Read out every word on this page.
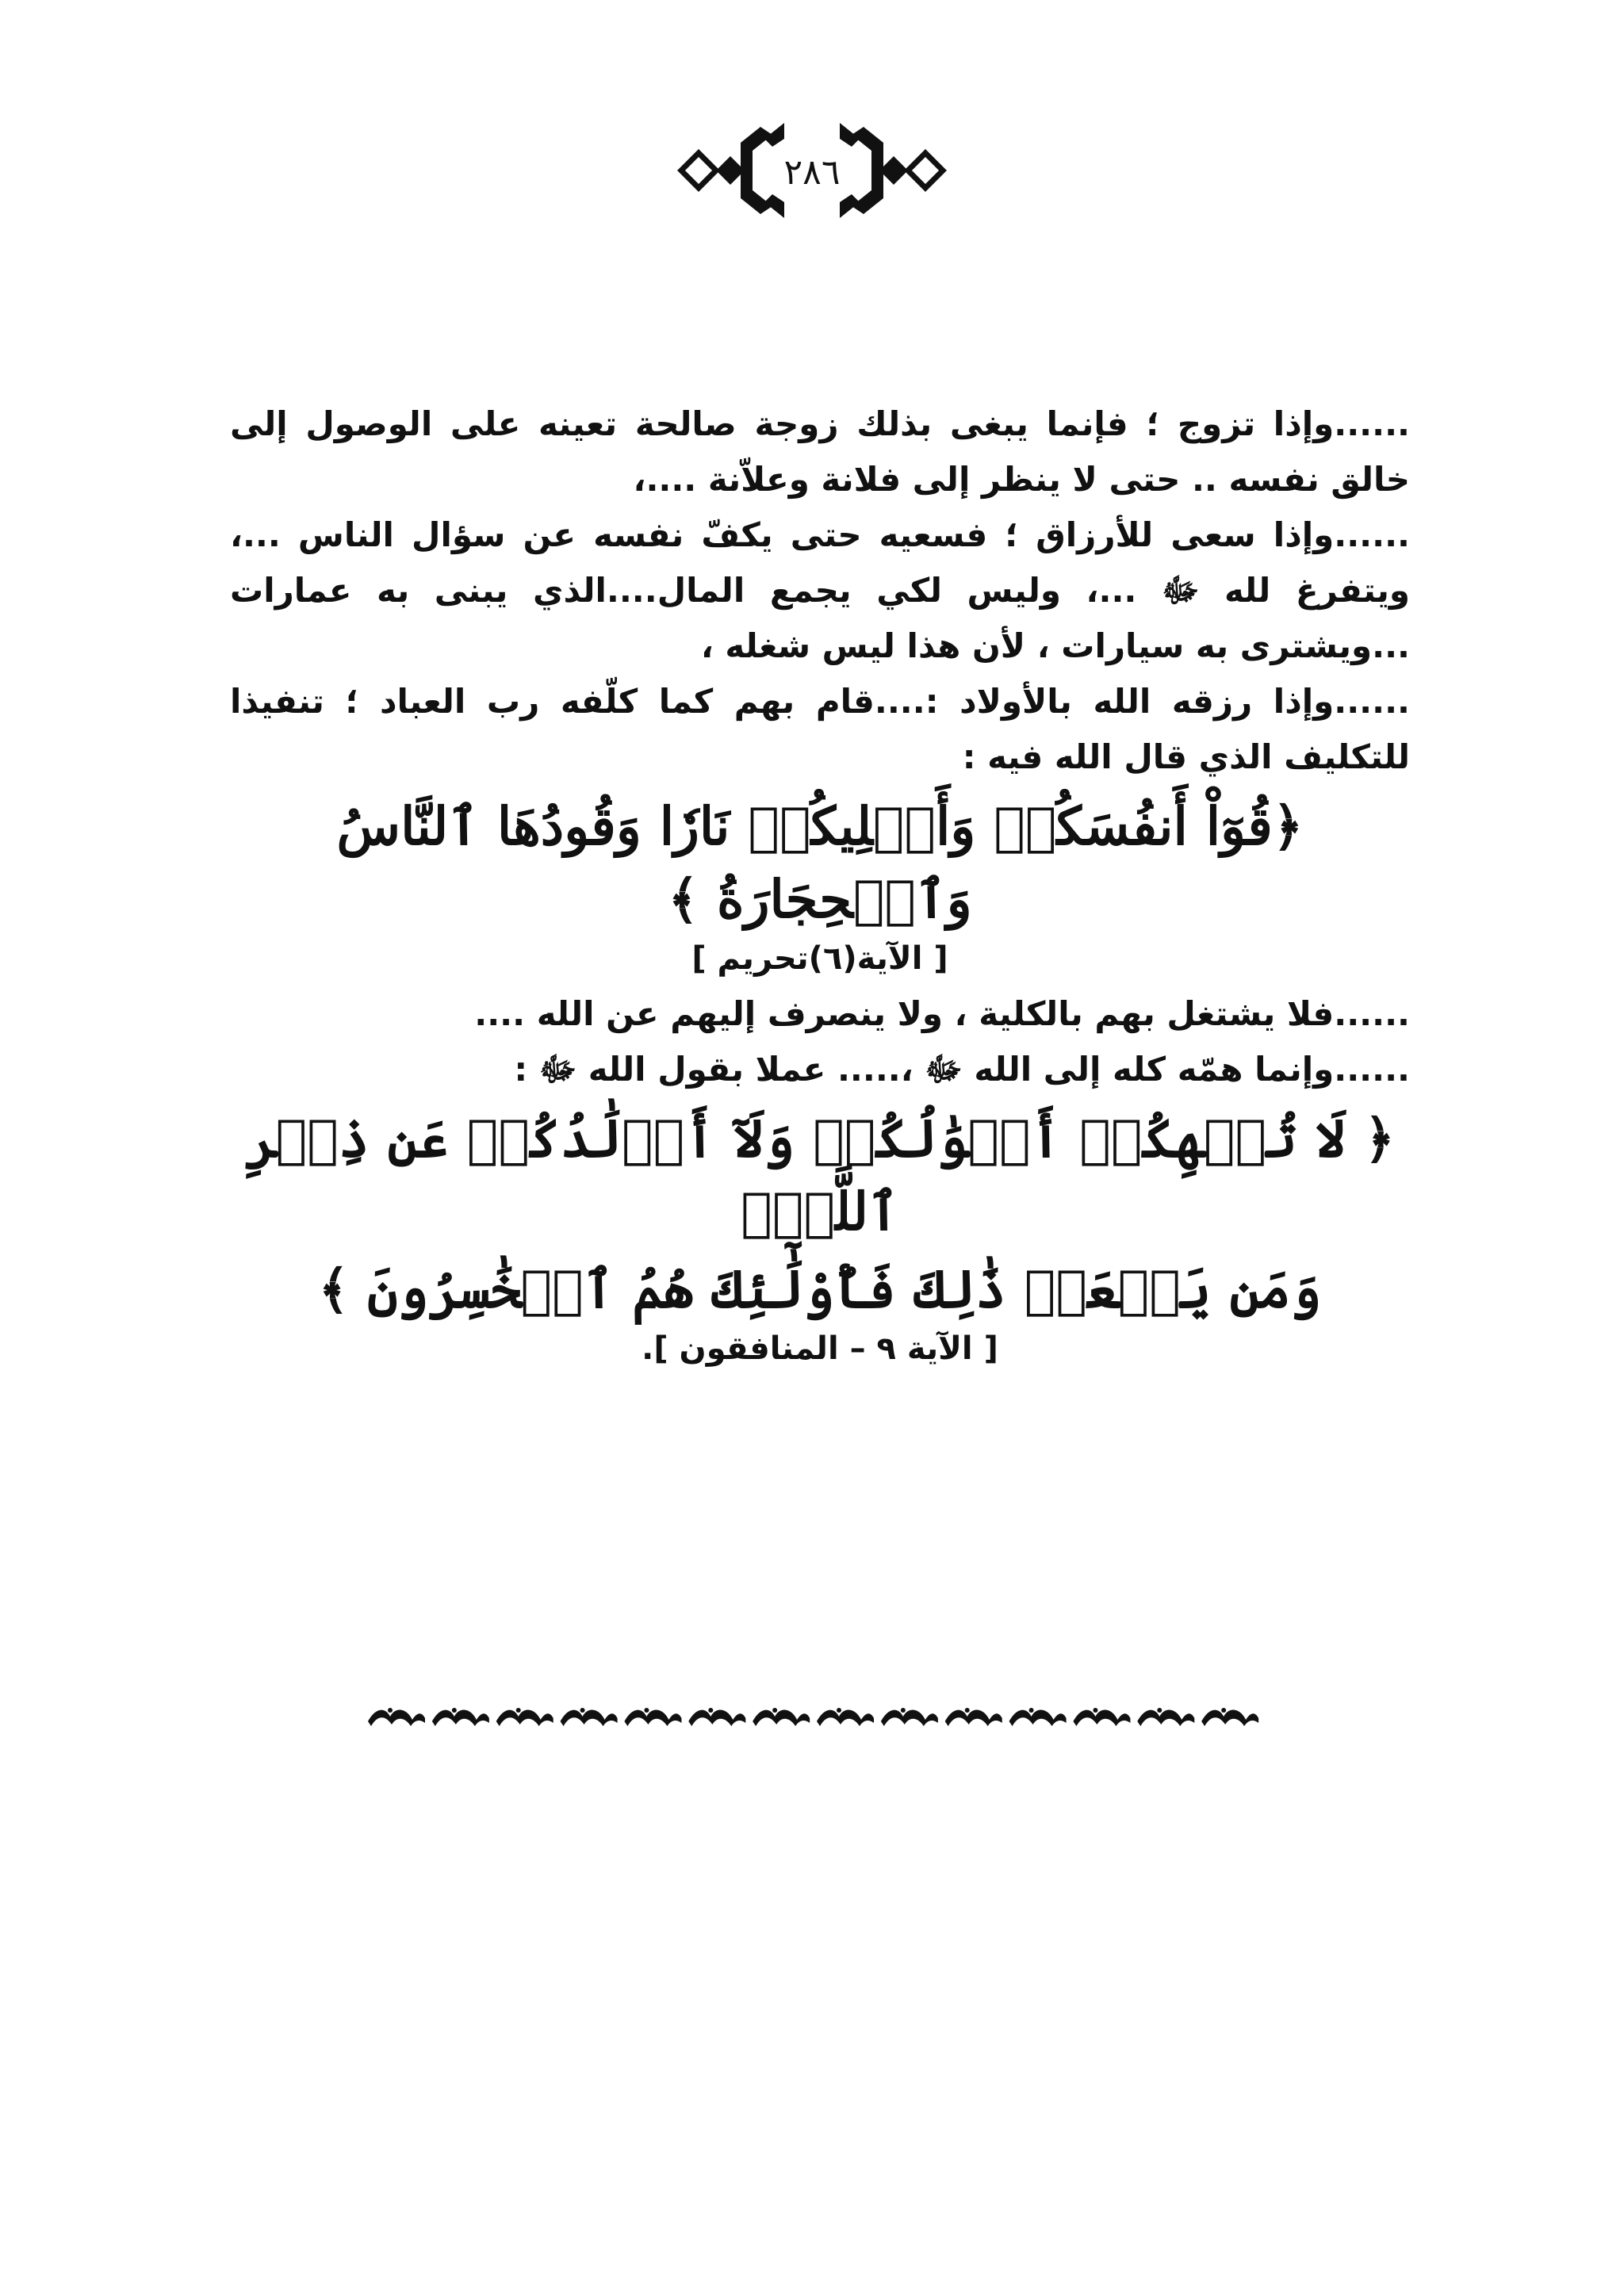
٢٨٦

......وإذا تزوج ؛ فإنما يبغى بذلك زوجة صالحة تعينه على الوصول إلى خالق نفسه .. حتى لا ينظر إلى فلانة وعلاّنة ....،

......وإذا سعى للأرزاق ؛ فسعيه حتى يكفّ نفسه عن سؤال الناس ...، ويتفرغ لله ﷻ ...، وليس لكي يجمع المال....الذي يبنى به عمارات ...ويشترى به سيارات ، لأن هذا ليس شغله ،

......وإذا رزقه الله بالأولاد :....قام بهم كما كلّفه رب العباد ؛ تنفيذا للتكليف الذي قال الله فيه :

﴿قُوٓاْ أَنفُسَكُمۡ وَأَهۡلِيكُمۡ نَارٗا وَقُودُهَا ٱلنَّاسُ وَٱلۡحِجَارَةُ ﴾

[ الآية(٦)تحريم ]

......فلا يشتغل بهم بالكلية ، ولا ينصرف إليهم عن الله ....

......وإنما همّه كله إلى الله ﷻ ،..... عملا بقول الله ﷻ :

﴿ لَا تُلۡهِكُمۡ أَمۡوَٰلُكُمۡ وَلَآ أَوۡلَٰدُكُمۡ عَن ذِكۡرِ ٱللَّهِۚ

وَمَن يَفۡعَلۡ ذَٰلِكَ فَأُوْلَٰٓئِكَ هُمُ ٱلۡخَٰسِرُونَ ﴾

[ الآية ٩ – المنافقون ].
